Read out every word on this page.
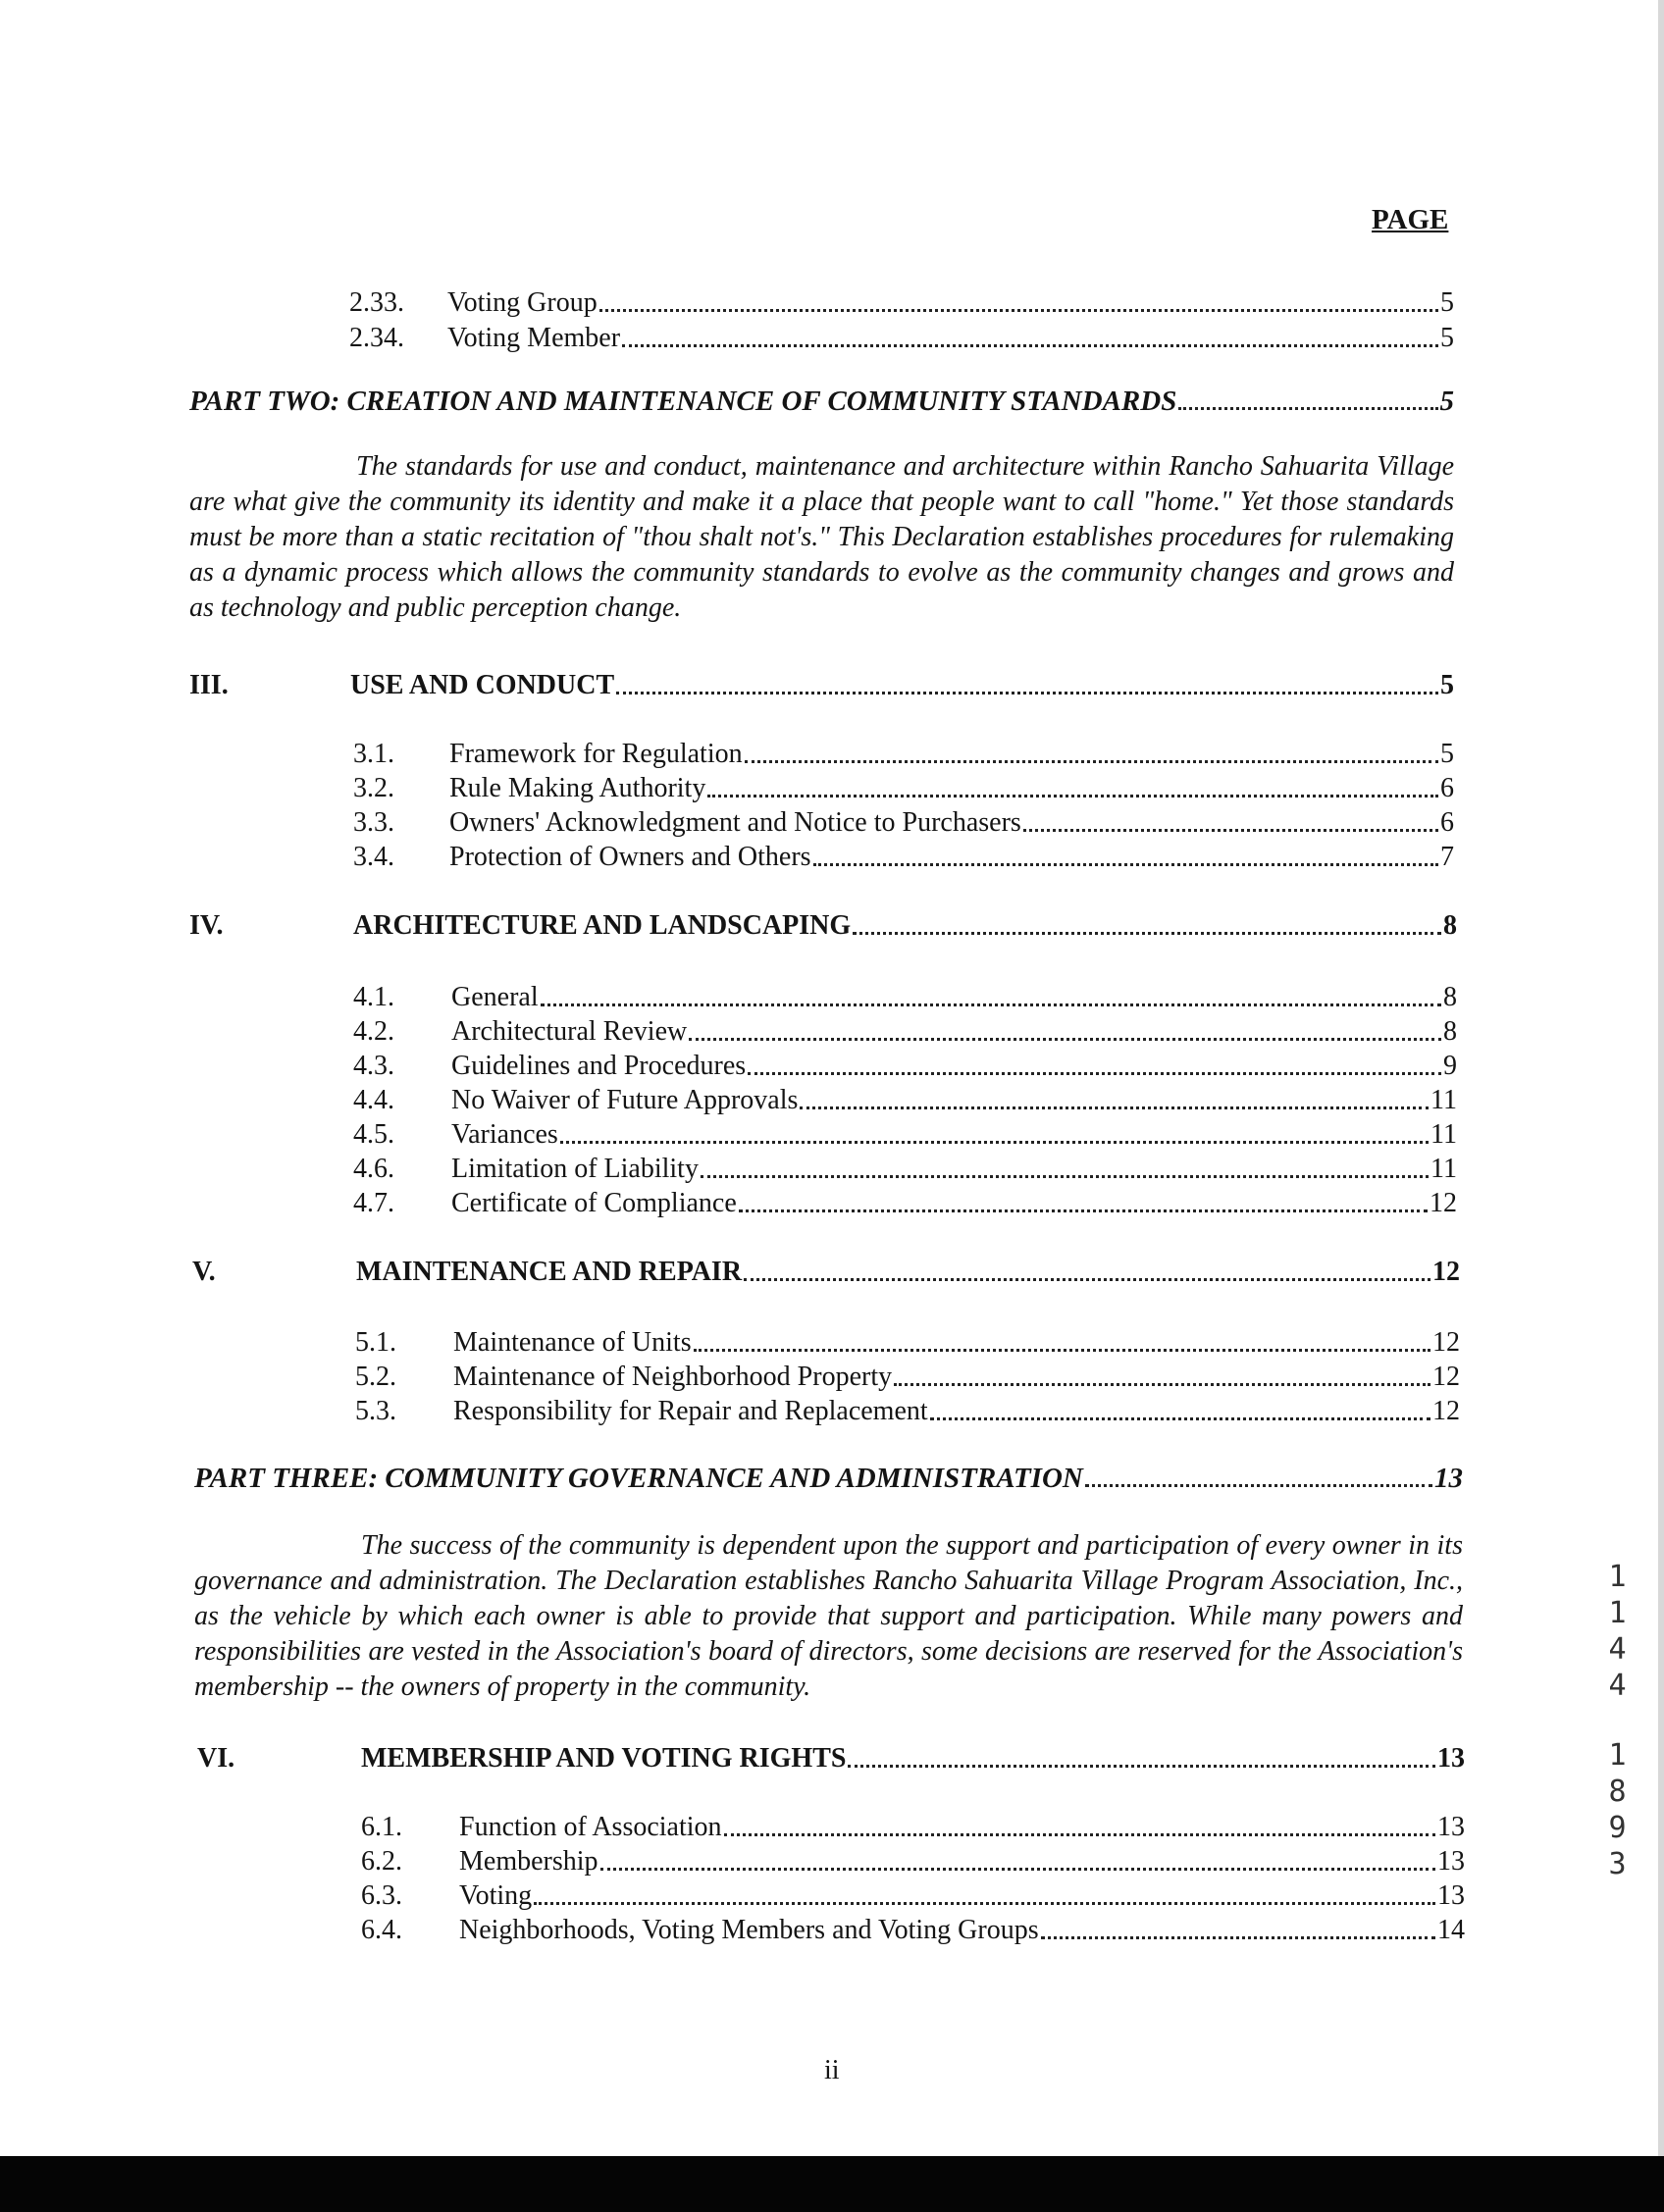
PAGE
2.33.	Voting Group	5
2.34.	Voting Member	5
PART TWO: CREATION AND MAINTENANCE OF COMMUNITY STANDARDS	5
The standards for use and conduct, maintenance and architecture within Rancho Sahuarita Village are what give the community its identity and make it a place that people want to call "home." Yet those standards must be more than a static recitation of "thou shalt not's." This Declaration establishes procedures for rulemaking as a dynamic process which allows the community standards to evolve as the community changes and grows and as technology and public perception change.
III.	USE AND CONDUCT	5
3.1.	Framework for Regulation	5
3.2.	Rule Making Authority	6
3.3.	Owners' Acknowledgment and Notice to Purchasers	6
3.4.	Protection of Owners and Others	7
IV.	ARCHITECTURE AND LANDSCAPING	8
4.1.	General	8
4.2.	Architectural Review	8
4.3.	Guidelines and Procedures	9
4.4.	No Waiver of Future Approvals	11
4.5.	Variances	11
4.6.	Limitation of Liability	11
4.7.	Certificate of Compliance	12
V.	MAINTENANCE AND REPAIR	12
5.1.	Maintenance of Units	12
5.2.	Maintenance of Neighborhood Property	12
5.3.	Responsibility for Repair and Replacement	12
PART THREE: COMMUNITY GOVERNANCE AND ADMINISTRATION	13
The success of the community is dependent upon the support and participation of every owner in its governance and administration. The Declaration establishes Rancho Sahuarita Village Program Association, Inc., as the vehicle by which each owner is able to provide that support and participation. While many powers and responsibilities are vested in the Association's board of directors, some decisions are reserved for the Association's membership -- the owners of property in the community.
VI.	MEMBERSHIP AND VOTING RIGHTS	13
6.1.	Function of Association	13
6.2.	Membership	13
6.3.	Voting	13
6.4.	Neighborhoods, Voting Members and Voting Groups	14
ii
1144
1893
